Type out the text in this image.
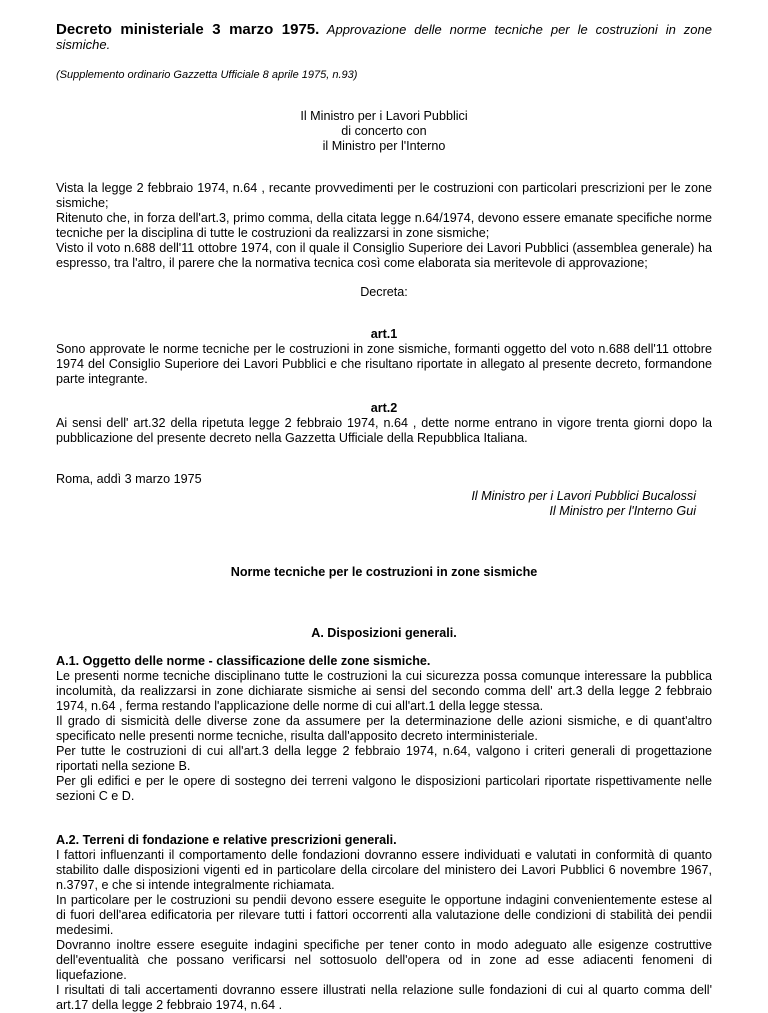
Decreto ministeriale 3 marzo 1975. Approvazione delle norme tecniche per le costruzioni in zone sismiche.

(Supplemento ordinario Gazzetta Ufficiale 8 aprile 1975, n.93)

Il Ministro per i Lavori Pubblici
di concerto con
il Ministro per l'Interno

Vista la legge 2 febbraio 1974, n.64 , recante provvedimenti per le costruzioni con particolari prescrizioni per le zone sismiche;

Ritenuto che, in forza dell'art.3, primo comma, della citata legge n.64/1974, devono essere emanate specifiche norme tecniche per la disciplina di tutte le costruzioni da realizzarsi in zone sismiche;

Visto il voto n.688 dell'11 ottobre 1974, con il quale il Consiglio Superiore dei Lavori Pubblici (assemblea generale) ha espresso, tra l'altro, il parere che la normativa tecnica così come elaborata sia meritevole di approvazione;

Decreta:
art.1

Sono approvate le norme tecniche per le costruzioni in zone sismiche, formanti oggetto del voto n.688 dell'11 ottobre 1974 del Consiglio Superiore dei Lavori Pubblici e che risultano riportate in allegato al presente decreto, formandone parte integrante.

art.2

Ai sensi dell' art.32 della ripetuta legge 2 febbraio 1974, n.64 , dette norme entrano in vigore trenta giorni dopo la pubblicazione del presente decreto nella Gazzetta Ufficiale della Repubblica Italiana.

Roma, addì 3 marzo 1975
Il Ministro per i Lavori Pubblici Bucalossi
Il Ministro per l'Interno Gui
Norme tecniche per le costruzioni in zone sismiche
A. Disposizioni generali.
A.1. Oggetto delle norme - classificazione delle zone sismiche.

Le presenti norme tecniche disciplinano tutte le costruzioni la cui sicurezza possa comunque interessare la pubblica incolumità, da realizzarsi in zone dichiarate sismiche ai sensi del secondo comma dell' art.3 della legge 2 febbraio 1974, n.64 , ferma restando l'applicazione delle norme di cui all'art.1 della legge stessa.

Il grado di sismicità delle diverse zone da assumere per la determinazione delle azioni sismiche, e di quant'altro specificato nelle presenti norme tecniche, risulta dall'apposito decreto interministeriale.

Per tutte le costruzioni di cui all'art.3 della legge 2 febbraio 1974, n.64, valgono i criteri generali di progettazione riportati nella sezione B.

Per gli edifici e per le opere di sostegno dei terreni valgono le disposizioni particolari riportate rispettivamente nelle sezioni C e D.

A.2. Terreni di fondazione e relative prescrizioni generali.

I fattori influenzanti il comportamento delle fondazioni dovranno essere individuati e valutati in conformità di quanto stabilito dalle disposizioni vigenti ed in particolare della circolare del ministero dei Lavori Pubblici 6 novembre 1967, n.3797, e che si intende integralmente richiamata.

In particolare per le costruzioni su pendii devono essere eseguite le opportune indagini convenientemente estese al di fuori dell'area edificatoria per rilevare tutti i fattori occorrenti alla valutazione delle condizioni di stabilità dei pendii medesimi.

Dovranno inoltre essere eseguite indagini specifiche per tener conto in modo adeguato alle esigenze costruttive dell'eventualità che possano verificarsi nel sottosuolo dell'opera od in zone ad esse adiacenti fenomeni di liquefazione.

I risultati di tali accertamenti dovranno essere illustrati nella relazione sulle fondazioni di cui al quarto comma dell' art.17 della legge 2 febbraio 1974, n.64 .
